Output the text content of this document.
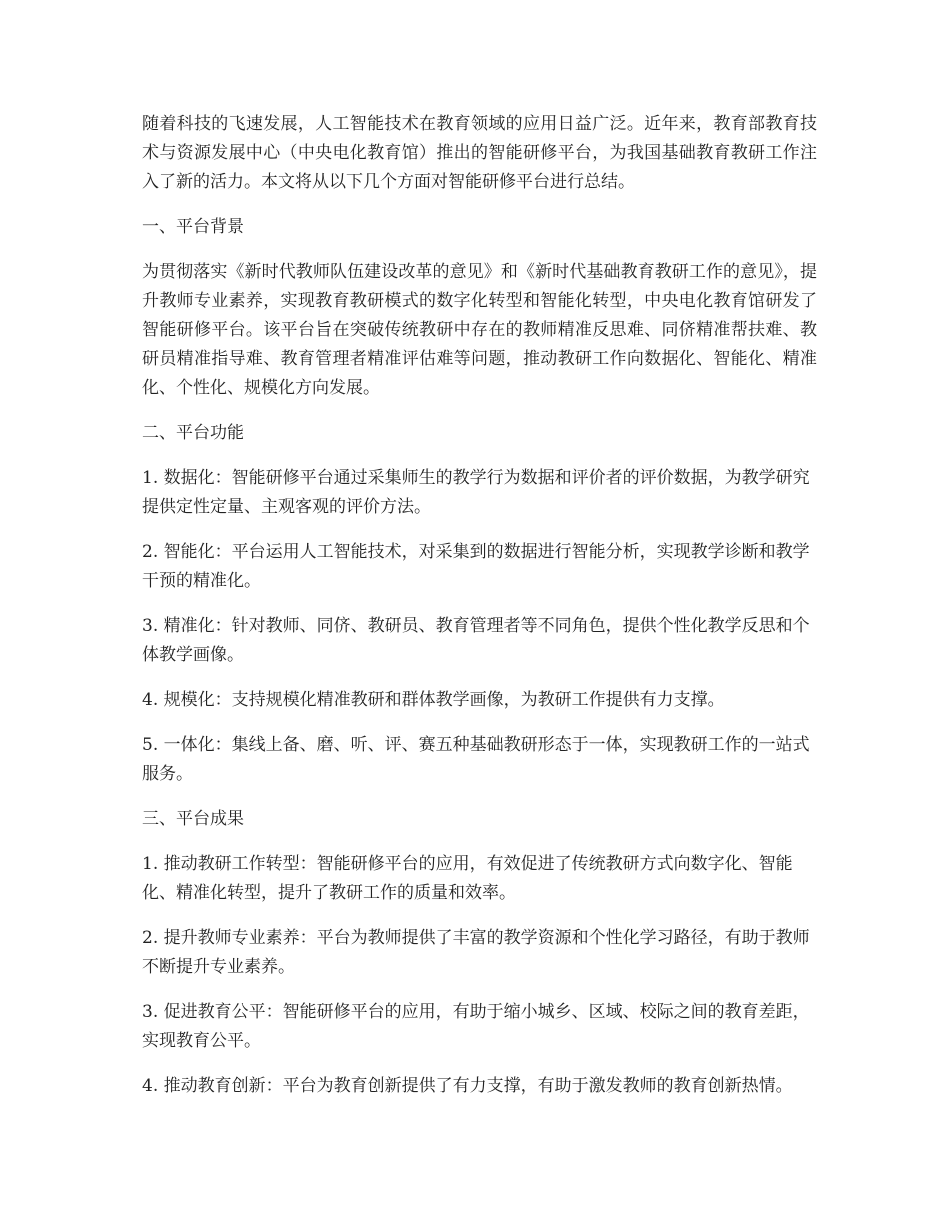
随着科技的飞速发展，人工智能技术在教育领域的应用日益广泛。近年来，教育部教育技术与资源发展中心（中央电化教育馆）推出的智能研修平台，为我国基础教育教研工作注入了新的活力。本文将从以下几个方面对智能研修平台进行总结。

一、平台背景

为贯彻落实《新时代教师队伍建设改革的意见》和《新时代基础教育教研工作的意见》，提升教师专业素养，实现教育教研模式的数字化转型和智能化转型，中央电化教育馆研发了智能研修平台。该平台旨在突破传统教研中存在的教师精准反思难、同侪精准帮扶难、教研员精准指导难、教育管理者精准评估难等问题，推动教研工作向数据化、智能化、精准化、个性化、规模化方向发展。

二、平台功能

1. 数据化：智能研修平台通过采集师生的教学行为数据和评价者的评价数据，为教学研究提供定性定量、主观客观的评价方法。

2. 智能化：平台运用人工智能技术，对采集到的数据进行智能分析，实现教学诊断和教学干预的精准化。

3. 精准化：针对教师、同侪、教研员、教育管理者等不同角色，提供个性化教学反思和个体教学画像。

4. 规模化：支持规模化精准教研和群体教学画像，为教研工作提供有力支撑。

5. 一体化：集线上备、磨、听、评、赛五种基础教研形态于一体，实现教研工作的一站式服务。

三、平台成果

1. 推动教研工作转型：智能研修平台的应用，有效促进了传统教研方式向数字化、智能化、精准化转型，提升了教研工作的质量和效率。

2. 提升教师专业素养：平台为教师提供了丰富的教学资源和个性化学习路径，有助于教师不断提升专业素养。

3. 促进教育公平：智能研修平台的应用，有助于缩小城乡、区域、校际之间的教育差距，实现教育公平。

4. 推动教育创新：平台为教育创新提供了有力支撑，有助于激发教师的教育创新热情。
